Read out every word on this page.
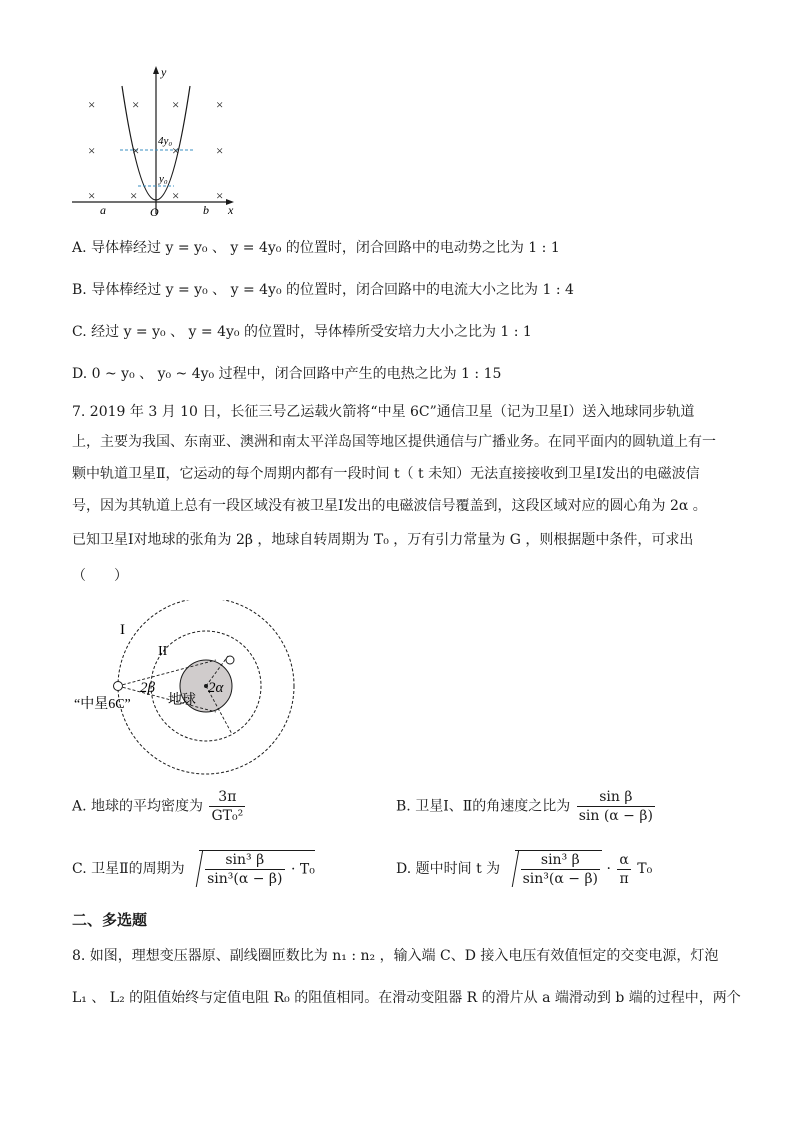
×	×	×	×
×	×	×	×
×	×	×	×
y
x
O
a	b
4y₀
y₀
A. 导体棒经过 y = y₀ 、 y = 4y₀ 的位置时，闭合回路中的电动势之比为 1 : 1
B. 导体棒经过 y = y₀ 、 y = 4y₀ 的位置时，闭合回路中的电流大小之比为 1 : 4
C. 经过 y = y₀ 、 y = 4y₀ 的位置时，导体棒所受安培力大小之比为 1 : 1
D. 0 ~ y₀ 、 y₀ ~ 4y₀ 过程中，闭合回路中产生的电热之比为 1 : 15
7. 2019 年 3 月 10 日，长征三号乙运载火箭将“中星 6C”通信卫星（记为卫星Ⅰ）送入地球同步轨道
上，主要为我国、东南亚、澳洲和南太平洋岛国等地区提供通信与广播业务。在同平面内的圆轨道上有一
颗中轨道卫星Ⅱ，它运动的每个周期内都有一段时间 t（ t 未知）无法直接接收到卫星Ⅰ发出的电磁波信
号，因为其轨道上总有一段区域没有被卫星Ⅰ发出的电磁波信号覆盖到，这段区域对应的圆心角为 2α 。
已知卫星Ⅰ对地球的张角为 2β ，地球自转周期为 T₀ ，万有引力常量为 G ，则根据题中条件，可求出
（　　）
I
II
2β	2α
地球
“中星6C”
A. 地球的平均密度为 $\frac{3\pi}{\text{GT₀²}}$	B. 卫星Ⅰ、Ⅱ的角速度之比为 $\frac{\text{sin β}}{\sin (\alpha - \beta)}$
C. 卫星Ⅱ的周期为 $\frac{\text{sin³ β}}{\text{sin³(α − β)}} \cdot T_0$	D. 题中时间 t 为 $\frac{\text{sin³ β}}{\text{sin³(α − β)}} \cdot \frac{\alpha}{\pi} T_0$
二、多选题
8. 如图，理想变压器原、副线圈匝数比为 n₁ : n₂ ，输入端 C、D 接入电压有效值恒定的交变电源，灯泡
L₁ 、 L₂ 的阻值始终与定值电阻 R₀ 的阻值相同。在滑动变阻器 R 的滑片从 a 端滑动到 b 端的过程中，两个
